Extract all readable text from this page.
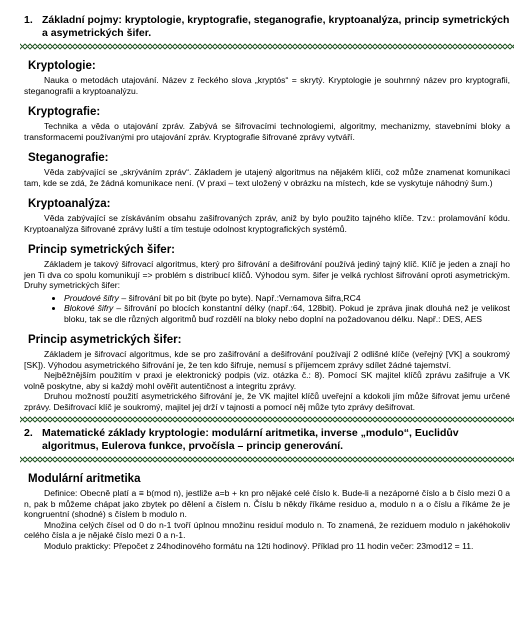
1. Základní pojmy: kryptologie, kryptografie, steganografie, kryptoanalýza, princip symetrických a asymetrických šifer.
Kryptologie:

Nauka o metodách utajování. Název z řeckého slova „kryptós“ = skrytý. Kryptologie je souhrnný název pro kryptografii, steganografii a kryptoanalýzu.

Kryptografie:

Technika a věda o utajování zpráv. Zabývá se šifrovacími technologiemi, algoritmy, mechanizmy, stavebními bloky a transformacemi používanými pro utajování zpráv. Kryptografie šifrované zprávy vytváří.

Steganografie:

Věda zabývající se „skrýváním zpráv“. Základem je utajený algoritmus na nějakém klíči, což může znamenat komunikaci tam, kde se zdá, že žádná komunikace není. (V praxi – text uložený v obrázku na místech, kde se vyskytuje náhodný šum.)

Kryptoanalýza:

Věda zabývající se získáváním obsahu zašifrovaných zpráv, aniž by bylo použito tajného klíče. Tzv.: prolamování kódu. Kryptoanalýza šifrované zprávy luští a tím testuje odolnost kryptografických systémů.

Princip symetrických šifer:

Základem je takový šifrovací algoritmus, který pro šifrování a dešifrování používá jediný tajný klíč. Klíč je jeden a znají ho jen Ti dva co spolu komunikují => problém s distribucí klíčů. Výhodou sym. šifer je velká rychlost šifrování oproti asymetrickým. Druhy symetrických šifer:

• Proudové šifry – šifrování bit po bit (byte po byte). Např.:Vernamova šifra,RC4
• Blokové šifry – šifrování po blocích konstantní délky (např.:64, 128bit). Pokud je zpráva jinak dlouhá než je velikost bloku, tak se dle různých algoritmů buď rozdělí na bloky nebo doplní na požadovanou délku. Např.: DES, AES
Princip asymetrických šifer:

Základem je šifrovací algoritmus, kde se pro zašifrování a dešifrování používají 2 odlišné klíče (veřejný [VK] a soukromý [SK]). Výhodou asymetrického šifrování je, že ten kdo šifruje, nemusí s příjemcem zprávy sdílet žádné tajemství.

Nejběžnějším použitím v praxi je elektronický podpis (viz. otázka č.: 8). Pomocí SK majitel klíčů zprávu zašifruje a VK volně poskytne, aby si každý mohl ověřit autentičnost a integritu zprávy.

Druhou možností použití asymetrického šifrování je, že VK majitel klíčů uveřejní a kdokoli jím může šifrovat jemu určené zprávy. Dešifrovací klíč je soukromý, majitel jej drží v tajnosti a pomocí něj může tyto zprávy dešifrovat.

2. Matematické základy kryptologie: modulární aritmetika, inverse „modulo“, Euclidův algoritmus, Eulerova funkce, prvočísla – princip generování.
Modulární aritmetika

Definice: Obecně platí a ≡ b(mod n), jestliže a=b + kn pro nějaké celé číslo k. Bude-li a nezáporné číslo a b číslo mezi 0 a n, pak b můžeme chápat jako zbytek po dělení a číslem n. Číslu b někdy říkáme residuo a, modulo n a o číslu a říkáme že je kongruentní (shodné) s číslem b modulo n.

Množina celých čísel od 0 do n-1 tvoří úplnou množinu residuí modulo n. To znamená, že reziduem modulo n jakéhokoliv celého čísla a je nějaké číslo mezi 0 a n-1.

Modulo prakticky: Přepočet z 24hodinového formátu na 12ti hodinový. Příklad pro 11 hodin večer: 23mod12 = 11.
